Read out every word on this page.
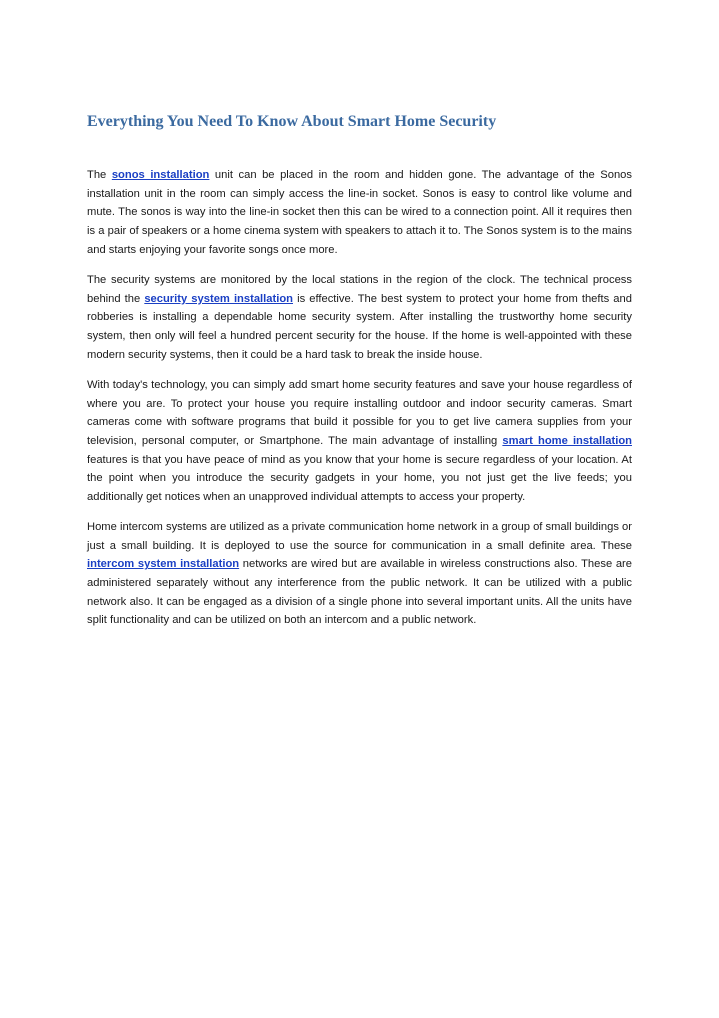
Everything You Need To Know About Smart Home Security

The sonos installation unit can be placed in the room and hidden gone. The advantage of the Sonos installation unit in the room can simply access the line-in socket. Sonos is easy to control like volume and mute. The sonos is way into the line-in socket then this can be wired to a connection point. All it requires then is a pair of speakers or a home cinema system with speakers to attach it to. The Sonos system is to the mains and starts enjoying your favorite songs once more.

The security systems are monitored by the local stations in the region of the clock. The technical process behind the security system installation is effective. The best system to protect your home from thefts and robberies is installing a dependable home security system. After installing the trustworthy home security system, then only will feel a hundred percent security for the house. If the home is well-appointed with these modern security systems, then it could be a hard task to break the inside house.

With today's technology, you can simply add smart home security features and save your house regardless of where you are. To protect your house you require installing outdoor and indoor security cameras. Smart cameras come with software programs that build it possible for you to get live camera supplies from your television, personal computer, or Smartphone. The main advantage of installing smart home installation features is that you have peace of mind as you know that your home is secure regardless of your location. At the point when you introduce the security gadgets in your home, you not just get the live feeds; you additionally get notices when an unapproved individual attempts to access your property.

Home intercom systems are utilized as a private communication home network in a group of small buildings or just a small building. It is deployed to use the source for communication in a small definite area. These intercom system installation networks are wired but are available in wireless constructions also. These are administered separately without any interference from the public network. It can be utilized with a public network also. It can be engaged as a division of a single phone into several important units. All the units have split functionality and can be utilized on both an intercom and a public network.
